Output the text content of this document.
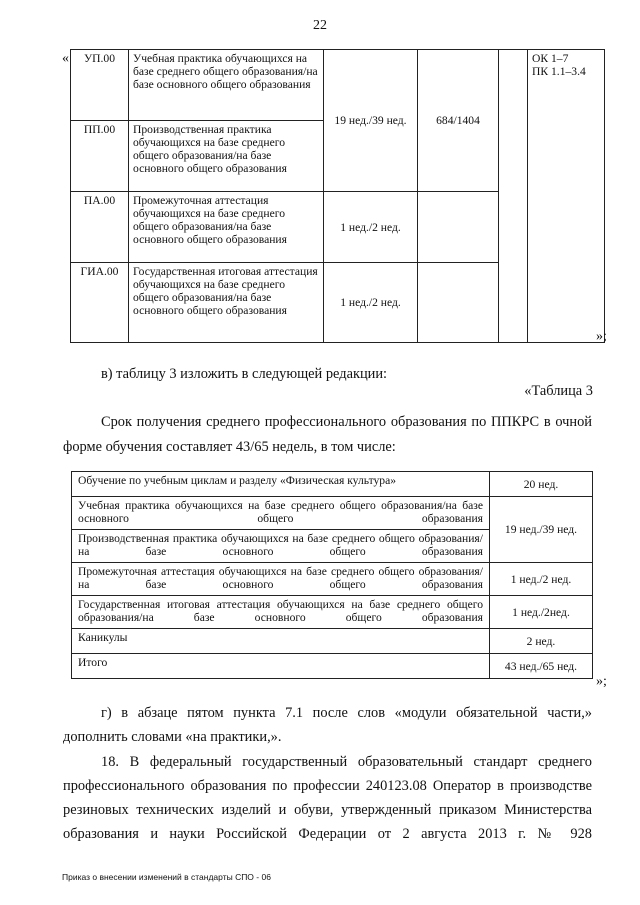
22
« УП.00	Учебная практика обучающихся на базе среднего общего образования/на базе основного общего образования	19 нед./39 нед.	684/1404		ОК 1–7
ПК 1.1–3.4

ПП.00	Производственная практика обучающихся на базе среднего общего образования/на базе основного общего образования				
ПА.00	Промежуточная аттестация обучающихся на базе среднего общего образования/на базе основного общего образования	1 нед./2 нед.			
ГИА.00	Государственная итоговая аттестация обучающихся на базе среднего общего образования/на базе основного общего образования	1 нед./2 нед.			
»;
в) таблицу 3 изложить в следующей редакции:
«Таблица 3
Срок получения среднего профессионального образования по ППКРС в очной
форме обучения составляет 43/65 недель, в том числе:
Обучение по учебным циклам и разделу «Физическая культура»	20 нед.
Учебная практика обучающихся на базе среднего общего образования/на базе основного общего образования	19 нед./39 нед.
Производственная практика обучающихся на базе среднего общего образования/на базе основного общего образования	
Промежуточная аттестация обучающихся на базе среднего общего образования/на базе основного общего образования	1 нед./2 нед.
Государственная итоговая аттестация обучающихся на базе среднего общего образования/на базе основного общего образования	1 нед./2нед.
Каникулы	2 нед.
Итого	43 нед./65 нед.
»;
г) в абзаце пятом пункта 7.1 после слов «модули обязательной части,»
дополнить словами «на практики,».
18. В федеральный государственный образовательный стандарт среднего
профессионального образования по профессии 240123.08 Оператор в производстве
резиновых технических изделий и обуви, утвержденный приказом Министерства
образования и науки Российской Федерации от 2 августа 2013 г. № 928
Приказ о внесении изменений в стандарты СПО - 06
